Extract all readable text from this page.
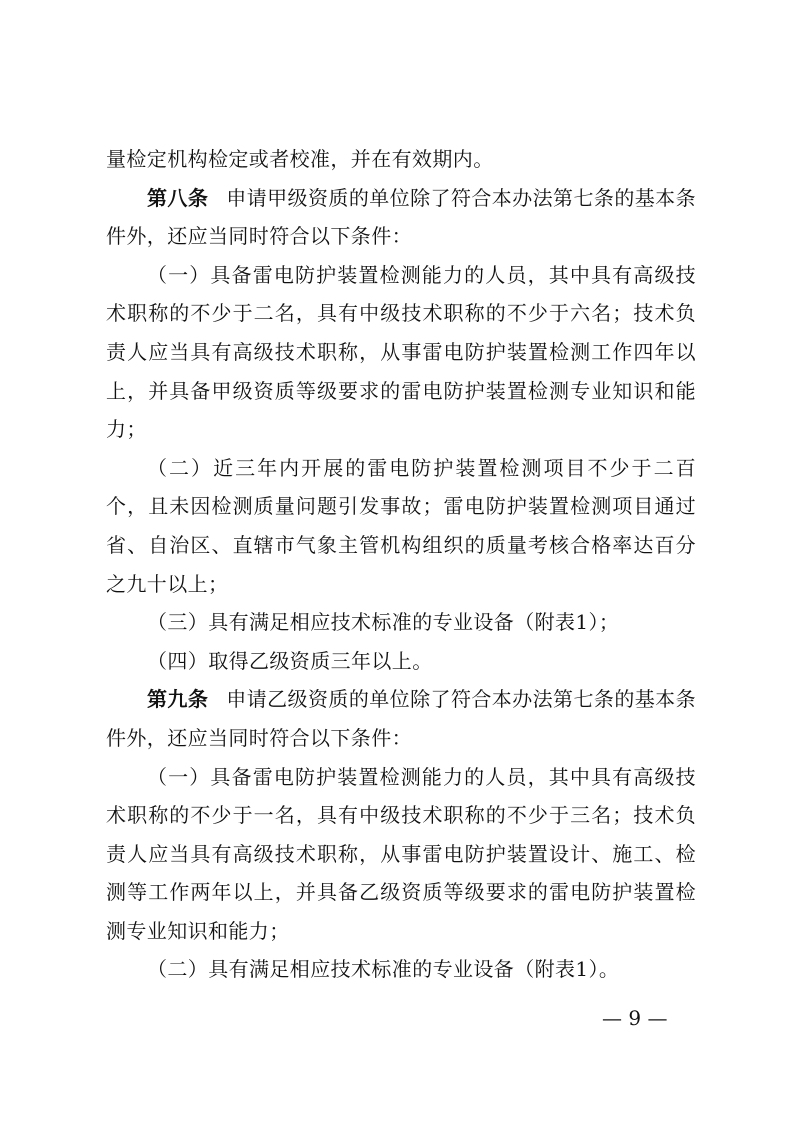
量检定机构检定或者校准，并在有效期内。

第八条 申请甲级资质的单位除了符合本办法第七条的基本条件外，还应当同时符合以下条件：

（一）具备雷电防护装置检测能力的人员，其中具有高级技术职称的不少于二名，具有中级技术职称的不少于六名；技术负责人应当具有高级技术职称，从事雷电防护装置检测工作四年以上，并具备甲级资质等级要求的雷电防护装置检测专业知识和能力；

（二）近三年内开展的雷电防护装置检测项目不少于二百个，且未因检测质量问题引发事故；雷电防护装置检测项目通过省、自治区、直辖市气象主管机构组织的质量考核合格率达百分之九十以上；

（三）具有满足相应技术标准的专业设备（附表1）；

（四）取得乙级资质三年以上。

第九条 申请乙级资质的单位除了符合本办法第七条的基本条件外，还应当同时符合以下条件：

（一）具备雷电防护装置检测能力的人员，其中具有高级技术职称的不少于一名，具有中级技术职称的不少于三名；技术负责人应当具有高级技术职称，从事雷电防护装置设计、施工、检测等工作两年以上，并具备乙级资质等级要求的雷电防护装置检测专业知识和能力；

（二）具有满足相应技术标准的专业设备（附表1）。

— 9 —
